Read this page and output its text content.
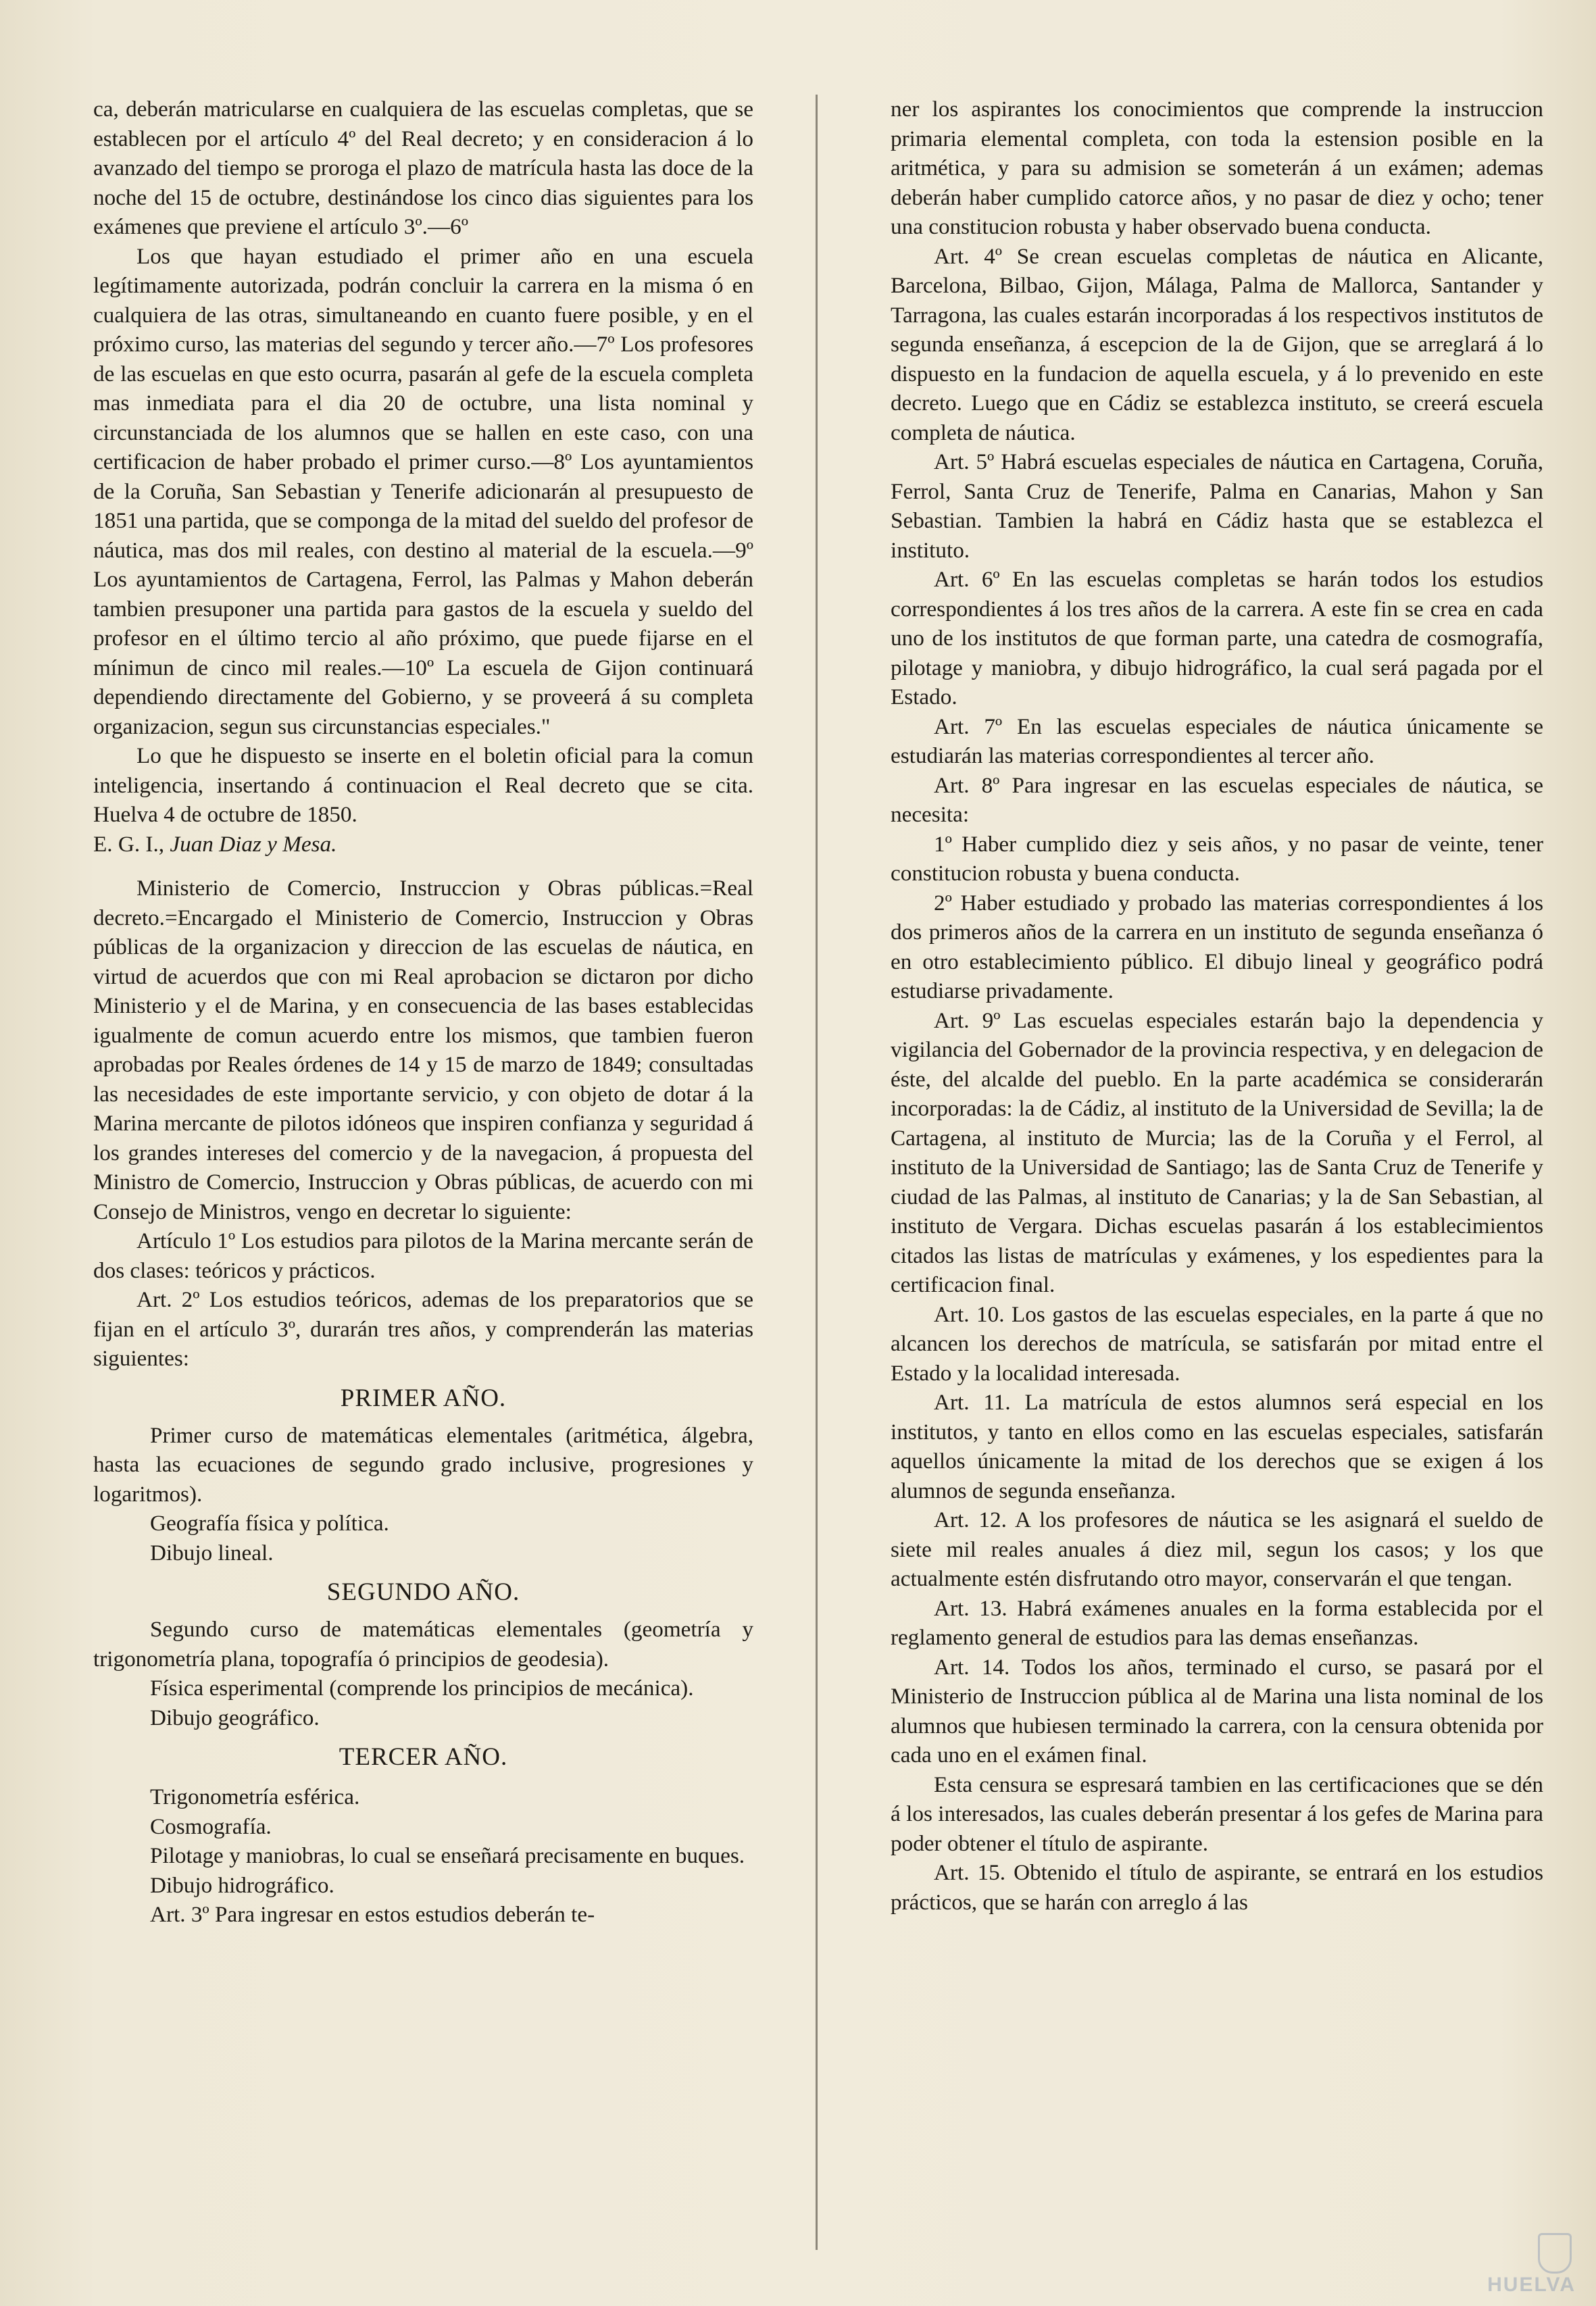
ca, deberán matricularse en cualquiera de las escuelas completas, que se establecen por el artículo 4º del Real decreto; y en consideracion á lo avanzado del tiempo se proroga el plazo de matrícula hasta las doce de la noche del 15 de octubre, destinándose los cinco dias siguientes para los exámenes que previene el artículo 3º.—6º

Los que hayan estudiado el primer año en una escuela legítimamente autorizada, podrán concluir la carrera en la misma ó en cualquiera de las otras, simultaneando en cuanto fuere posible, y en el próximo curso, las materias del segundo y tercer año.—7º Los profesores de las escuelas en que esto ocurra, pasarán al gefe de la escuela completa mas inmediata para el dia 20 de octubre, una lista nominal y circunstanciada de los alumnos que se hallen en este caso, con una certificacion de haber probado el primer curso.—8º Los ayuntamientos de la Coruña, San Sebastian y Tenerife adicionarán al presupuesto de 1851 una partida, que se componga de la mitad del sueldo del profesor de náutica, mas dos mil reales, con destino al material de la escuela.—9º Los ayuntamientos de Cartagena, Ferrol, las Palmas y Mahon deberán tambien presuponer una partida para gastos de la escuela y sueldo del profesor en el último tercio al año próximo, que puede fijarse en el mínimun de cinco mil reales.—10º La escuela de Gijon continuará dependiendo directamente del Gobierno, y se proveerá á su completa organizacion, segun sus circunstancias especiales."

Lo que he dispuesto se inserte en el boletin oficial para la comun inteligencia, insertando á continuacion el Real decreto que se cita. Huelva 4 de octubre de 1850.
E. G. I., Juan Diaz y Mesa.

Ministerio de Comercio, Instruccion y Obras públicas.=Real decreto.=Encargado el Ministerio de Comercio, Instruccion y Obras públicas de la organizacion y direccion de las escuelas de náutica, en virtud de acuerdos que con mi Real aprobacion se dictaron por dicho Ministerio y el de Marina, y en consecuencia de las bases establecidas igualmente de comun acuerdo entre los mismos, que tambien fueron aprobadas por Reales órdenes de 14 y 15 de marzo de 1849; consultadas las necesidades de este importante servicio, y con objeto de dotar á la Marina mercante de pilotos idóneos que inspiren confianza y seguridad á los grandes intereses del comercio y de la navegacion, á propuesta del Ministro de Comercio, Instruccion y Obras públicas, de acuerdo con mi Consejo de Ministros, vengo en decretar lo siguiente:

Artículo 1º Los estudios para pilotos de la Marina mercante serán de dos clases: teóricos y prácticos.

Art. 2º Los estudios teóricos, ademas de los preparatorios que se fijan en el artículo 3º, durarán tres años, y comprenderán las materias siguientes:

PRIMER AÑO.

Primer curso de matemáticas elementales (aritmética, álgebra, hasta las ecuaciones de segundo grado inclusive, progresiones y logaritmos).

Geografía física y política.

Dibujo lineal.

SEGUNDO AÑO.

Segundo curso de matemáticas elementales (geometría y trigonometría plana, topografía ó principios de geodesia).

Física esperimental (comprende los principios de mecánica).

Dibujo geográfico.

TERCER AÑO.

Trigonometría esférica.

Cosmografía.

Pilotage y maniobras, lo cual se enseñará precisamente en buques.

Dibujo hidrográfico.

Art. 3º Para ingresar en estos estudios deberán te-

ner los aspirantes los conocimientos que comprende la instruccion primaria elemental completa, con toda la estension posible en la aritmética, y para su admision se someterán á un exámen; ademas deberán haber cumplido catorce años, y no pasar de diez y ocho; tener una constitucion robusta y haber observado buena conducta.

Art. 4º Se crean escuelas completas de náutica en Alicante, Barcelona, Bilbao, Gijon, Málaga, Palma de Mallorca, Santander y Tarragona, las cuales estarán incorporadas á los respectivos institutos de segunda enseñanza, á escepcion de la de Gijon, que se arreglará á lo dispuesto en la fundacion de aquella escuela, y á lo prevenido en este decreto. Luego que en Cádiz se establezca instituto, se creerá escuela completa de náutica.

Art. 5º Habrá escuelas especiales de náutica en Cartagena, Coruña, Ferrol, Santa Cruz de Tenerife, Palma en Canarias, Mahon y San Sebastian. Tambien la habrá en Cádiz hasta que se establezca el instituto.

Art. 6º En las escuelas completas se harán todos los estudios correspondientes á los tres años de la carrera. A este fin se crea en cada uno de los institutos de que forman parte, una catedra de cosmografía, pilotage y maniobra, y dibujo hidrográfico, la cual será pagada por el Estado.

Art. 7º En las escuelas especiales de náutica únicamente se estudiarán las materias correspondientes al tercer año.

Art. 8º Para ingresar en las escuelas especiales de náutica, se necesita:

1º Haber cumplido diez y seis años, y no pasar de veinte, tener constitucion robusta y buena conducta.

2º Haber estudiado y probado las materias correspondientes á los dos primeros años de la carrera en un instituto de segunda enseñanza ó en otro establecimiento público. El dibujo lineal y geográfico podrá estudiarse privadamente.

Art. 9º Las escuelas especiales estarán bajo la dependencia y vigilancia del Gobernador de la provincia respectiva, y en delegacion de éste, del alcalde del pueblo. En la parte académica se considerarán incorporadas: la de Cádiz, al instituto de la Universidad de Sevilla; la de Cartagena, al instituto de Murcia; las de la Coruña y el Ferrol, al instituto de la Universidad de Santiago; las de Santa Cruz de Tenerife y ciudad de las Palmas, al instituto de Canarias; y la de San Sebastian, al instituto de Vergara. Dichas escuelas pasarán á los establecimientos citados las listas de matrículas y exámenes, y los espedientes para la certificacion final.

Art. 10. Los gastos de las escuelas especiales, en la parte á que no alcancen los derechos de matrícula, se satisfarán por mitad entre el Estado y la localidad interesada.

Art. 11. La matrícula de estos alumnos será especial en los institutos, y tanto en ellos como en las escuelas especiales, satisfarán aquellos únicamente la mitad de los derechos que se exigen á los alumnos de segunda enseñanza.

Art. 12. A los profesores de náutica se les asignará el sueldo de siete mil reales anuales á diez mil, segun los casos; y los que actualmente estén disfrutando otro mayor, conservarán el que tengan.

Art. 13. Habrá exámenes anuales en la forma establecida por el reglamento general de estudios para las demas enseñanzas.

Art. 14. Todos los años, terminado el curso, se pasará por el Ministerio de Instruccion pública al de Marina una lista nominal de los alumnos que hubiesen terminado la carrera, con la censura obtenida por cada uno en el exámen final.

Esta censura se espresará tambien en las certificaciones que se dén á los interesados, las cuales deberán presentar á los gefes de Marina para poder obtener el título de aspirante.

Art. 15. Obtenido el título de aspirante, se entrará en los estudios prácticos, que se harán con arreglo á las

HUELVA
